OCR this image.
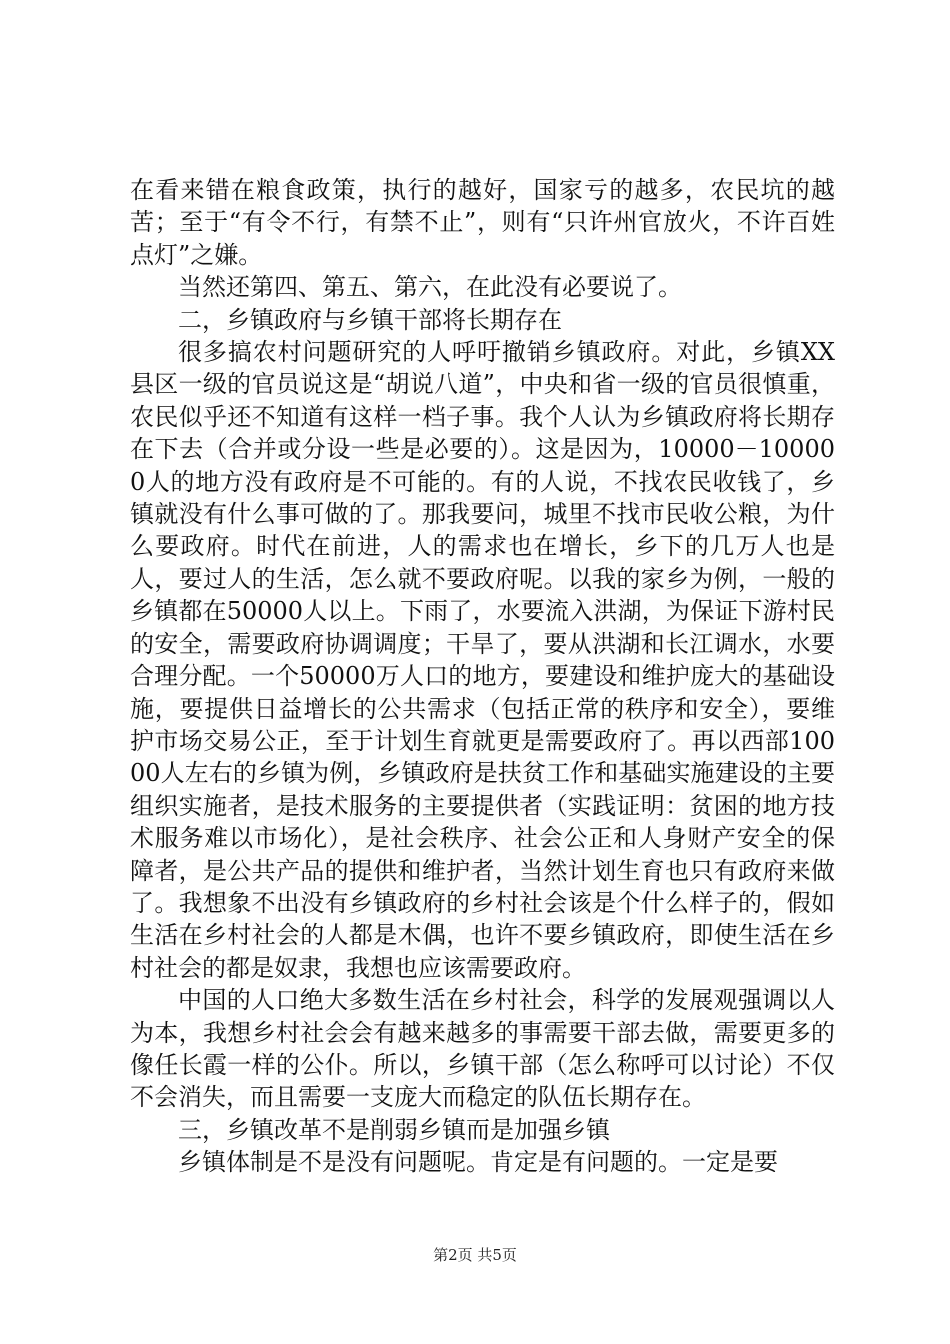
在看来错在粮食政策，执行的越好，国家亏的越多，农民坑的越苦；至于“有令不行，有禁不止”，则有“只许州官放火，不许百姓点灯”之嫌。

当然还第四、第五、第六，在此没有必要说了。

二，乡镇政府与乡镇干部将长期存在

很多搞农村问题研究的人呼吁撤销乡镇政府。对此，乡镇XX县区一级的官员说这是“胡说八道”，中央和省一级的官员很慎重，农民似乎还不知道有这样一档子事。我个人认为乡镇政府将长期存在下去（合并或分设一些是必要的）。这是因为，10000－100000人的地方没有政府是不可能的。有的人说，不找农民收钱了，乡镇就没有什么事可做的了。那我要问，城里不找市民收公粮，为什么要政府。时代在前进，人的需求也在增长，乡下的几万人也是人，要过人的生活，怎么就不要政府呢。以我的家乡为例，一般的乡镇都在50000人以上。下雨了，水要流入洪湖，为保证下游村民的安全，需要政府协调调度；干旱了，要从洪湖和长江调水，水要合理分配。一个50000万人口的地方，要建设和维护庞大的基础设施，要提供日益增长的公共需求（包括正常的秩序和安全），要维护市场交易公正，至于计划生育就更是需要政府了。再以西部10000人左右的乡镇为例，乡镇政府是扶贫工作和基础实施建设的主要组织实施者，是技术服务的主要提供者（实践证明：贫困的地方技术服务难以市场化），是社会秩序、社会公正和人身财产安全的保障者，是公共产品的提供和维护者，当然计划生育也只有政府来做了。我想象不出没有乡镇政府的乡村社会该是个什么样子的，假如生活在乡村社会的人都是木偶，也许不要乡镇政府，即使生活在乡村社会的都是奴隶，我想也应该需要政府。

中国的人口绝大多数生活在乡村社会，科学的发展观强调以人为本，我想乡村社会会有越来越多的事需要干部去做，需要更多的像任长霞一样的公仆。所以，乡镇干部（怎么称呼可以讨论）不仅不会消失，而且需要一支庞大而稳定的队伍长期存在。

三，乡镇改革不是削弱乡镇而是加强乡镇

乡镇体制是不是没有问题呢。肯定是有问题的。一定是要

第2页 共5页
